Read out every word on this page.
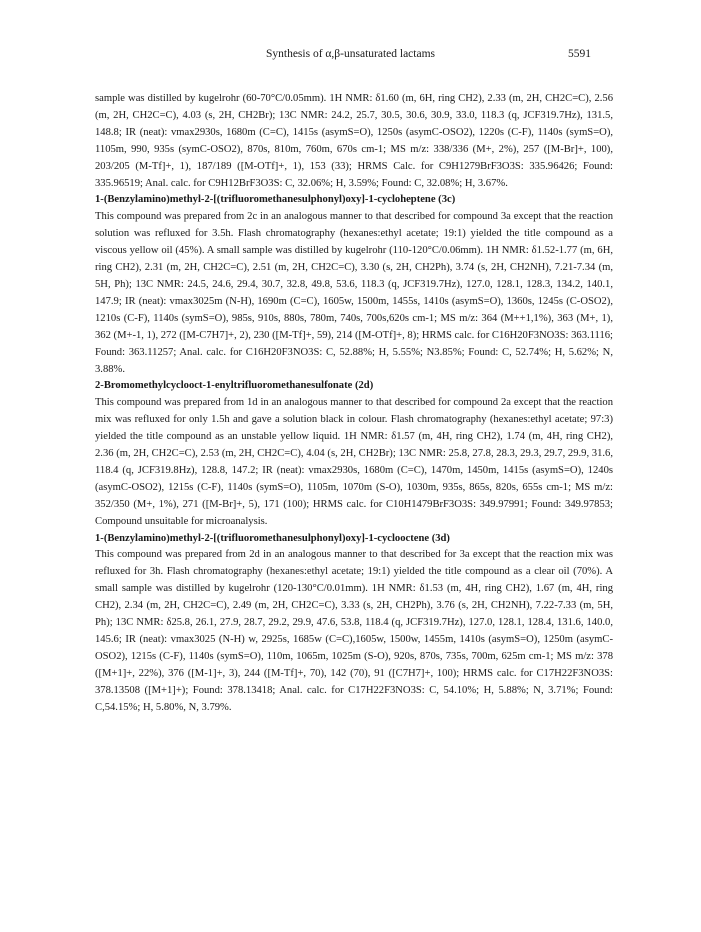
Synthesis of α,β-unsaturated lactams	5591

sample was distilled by kugelrohr (60-70°C/0.05mm). 1H NMR: δ1.60 (m, 6H, ring CH2), 2.33 (m, 2H, CH2C=C), 2.56 (m, 2H, CH2C=C), 4.03 (s, 2H, CH2Br); 13C NMR: 24.2, 25.7, 30.5, 30.6, 30.9, 33.0, 118.3 (q, JCF319.7Hz), 131.5, 148.8; IR (neat): vmax2930s, 1680m (C=C), 1415s (asymS=O), 1250s (asymC-OSO2), 1220s (C-F), 1140s (symS=O), 1105m, 990, 935s (symC-OSO2), 870s, 810m, 760m, 670s cm-1; MS m/z: 338/336 (M+, 2%), 257 ([M-Br]+, 100), 203/205 (M-Tf]+, 1), 187/189 ([M-OTf]+, 1), 153 (33); HRMS Calc. for C9H1279BrF3O3S: 335.96426; Found: 335.96519; Anal. calc. for C9H12BrF3O3S: C, 32.06%; H, 3.59%; Found: C, 32.08%; H, 3.67%.

1-(Benzylamino)methyl-2-[(trifluoromethanesulphonyl)oxy]-1-cycloheptene (3c)

This compound was prepared from 2c in an analogous manner to that described for compound 3a except that the reaction solution was refluxed for 3.5h. Flash chromatography (hexanes:ethyl acetate; 19:1) yielded the title compound as a viscous yellow oil (45%). A small sample was distilled by kugelrohr (110-120°C/0.06mm). 1H NMR: δ1.52-1.77 (m, 6H, ring CH2), 2.31 (m, 2H, CH2C=C), 2.51 (m, 2H, CH2C=C), 3.30 (s, 2H, CH2Ph), 3.74 (s, 2H, CH2NH), 7.21-7.34 (m, 5H, Ph); 13C NMR: 24.5, 24.6, 29.4, 30.7, 32.8, 49.8, 53.6, 118.3 (q, JCF319.7Hz), 127.0, 128.1, 128.3, 134.2, 140.1, 147.9; IR (neat): vmax3025m (N-H), 1690m (C=C), 1605w, 1500m, 1455s, 1410s (asymS=O), 1360s, 1245s (C-OSO2), 1210s (C-F), 1140s (symS=O), 985s, 910s, 880s, 780m, 740s, 700s,620s cm-1; MS m/z: 364 (M++1,1%), 363 (M+, 1), 362 (M+-1, 1), 272 ([M-C7H7]+, 2), 230 ([M-Tf]+, 59), 214 ([M-OTf]+, 8); HRMS calc. for C16H20F3NO3S: 363.1116; Found: 363.11257; Anal. calc. for C16H20F3NO3S: C, 52.88%; H, 5.55%; N3.85%; Found: C, 52.74%; H, 5.62%; N, 3.88%.

2-Bromomethylcyclooct-1-enyltrifluoromethanesulfonate (2d)

This compound was prepared from 1d in an analogous manner to that described for compound 2a except that the reaction mix was refluxed for only 1.5h and gave a solution black in colour. Flash chromatography (hexanes:ethyl acetate; 97:3) yielded the title compound as an unstable yellow liquid. 1H NMR: δ1.57 (m, 4H, ring CH2), 1.74 (m, 4H, ring CH2), 2.36 (m, 2H, CH2C=C), 2.53 (m, 2H, CH2C=C), 4.04 (s, 2H, CH2Br); 13C NMR: 25.8, 27.8, 28.3, 29.3, 29.7, 29.9, 31.6, 118.4 (q, JCF319.8Hz), 128.8, 147.2; IR (neat): vmax2930s, 1680m (C=C), 1470m, 1450m, 1415s (asymS=O), 1240s (asymC-OSO2), 1215s (C-F), 1140s (symS=O), 1105m, 1070m (S-O), 1030m, 935s, 865s, 820s, 655s cm-1; MS m/z: 352/350 (M+, 1%), 271 ([M-Br]+, 5), 171 (100); HRMS calc. for C10H1479BrF3O3S: 349.97991; Found: 349.97853; Compound unsuitable for microanalysis.

1-(Benzylamino)methyl-2-[(trifluoromethanesulphonyl)oxy]-1-cyclooctene (3d)

This compound was prepared from 2d in an analogous manner to that described for 3a except that the reaction mix was refluxed for 3h. Flash chromatography (hexanes:ethyl acetate; 19:1) yielded the title compound as a clear oil (70%). A small sample was distilled by kugelrohr (120-130°C/0.01mm). 1H NMR: δ1.53 (m, 4H, ring CH2), 1.67 (m, 4H, ring CH2), 2.34 (m, 2H, CH2C=C), 2.49 (m, 2H, CH2C=C), 3.33 (s, 2H, CH2Ph), 3.76 (s, 2H, CH2NH), 7.22-7.33 (m, 5H, Ph); 13C NMR: δ25.8, 26.1, 27.9, 28.7, 29.2, 29.9, 47.6, 53.8, 118.4 (q, JCF319.7Hz), 127.0, 128.1, 128.4, 131.6, 140.0, 145.6; IR (neat): vmax3025 (N-H) w, 2925s, 1685w (C=C),1605w, 1500w, 1455m, 1410s (asymS=O), 1250m (asymC-OSO2), 1215s (C-F), 1140s (symS=O), 110m, 1065m, 1025m (S-O), 920s, 870s, 735s, 700m, 625m cm-1; MS m/z: 378 ([M+1]+, 22%), 376 ([M-1]+, 3), 244 ([M-Tf]+, 70), 142 (70), 91 ([C7H7]+, 100); HRMS calc. for C17H22F3NO3S: 378.13508 ([M+1]+); Found: 378.13418; Anal. calc. for C17H22F3NO3S: C, 54.10%; H, 5.88%; N, 3.71%; Found: C,54.15%; H, 5.80%, N, 3.79%.
